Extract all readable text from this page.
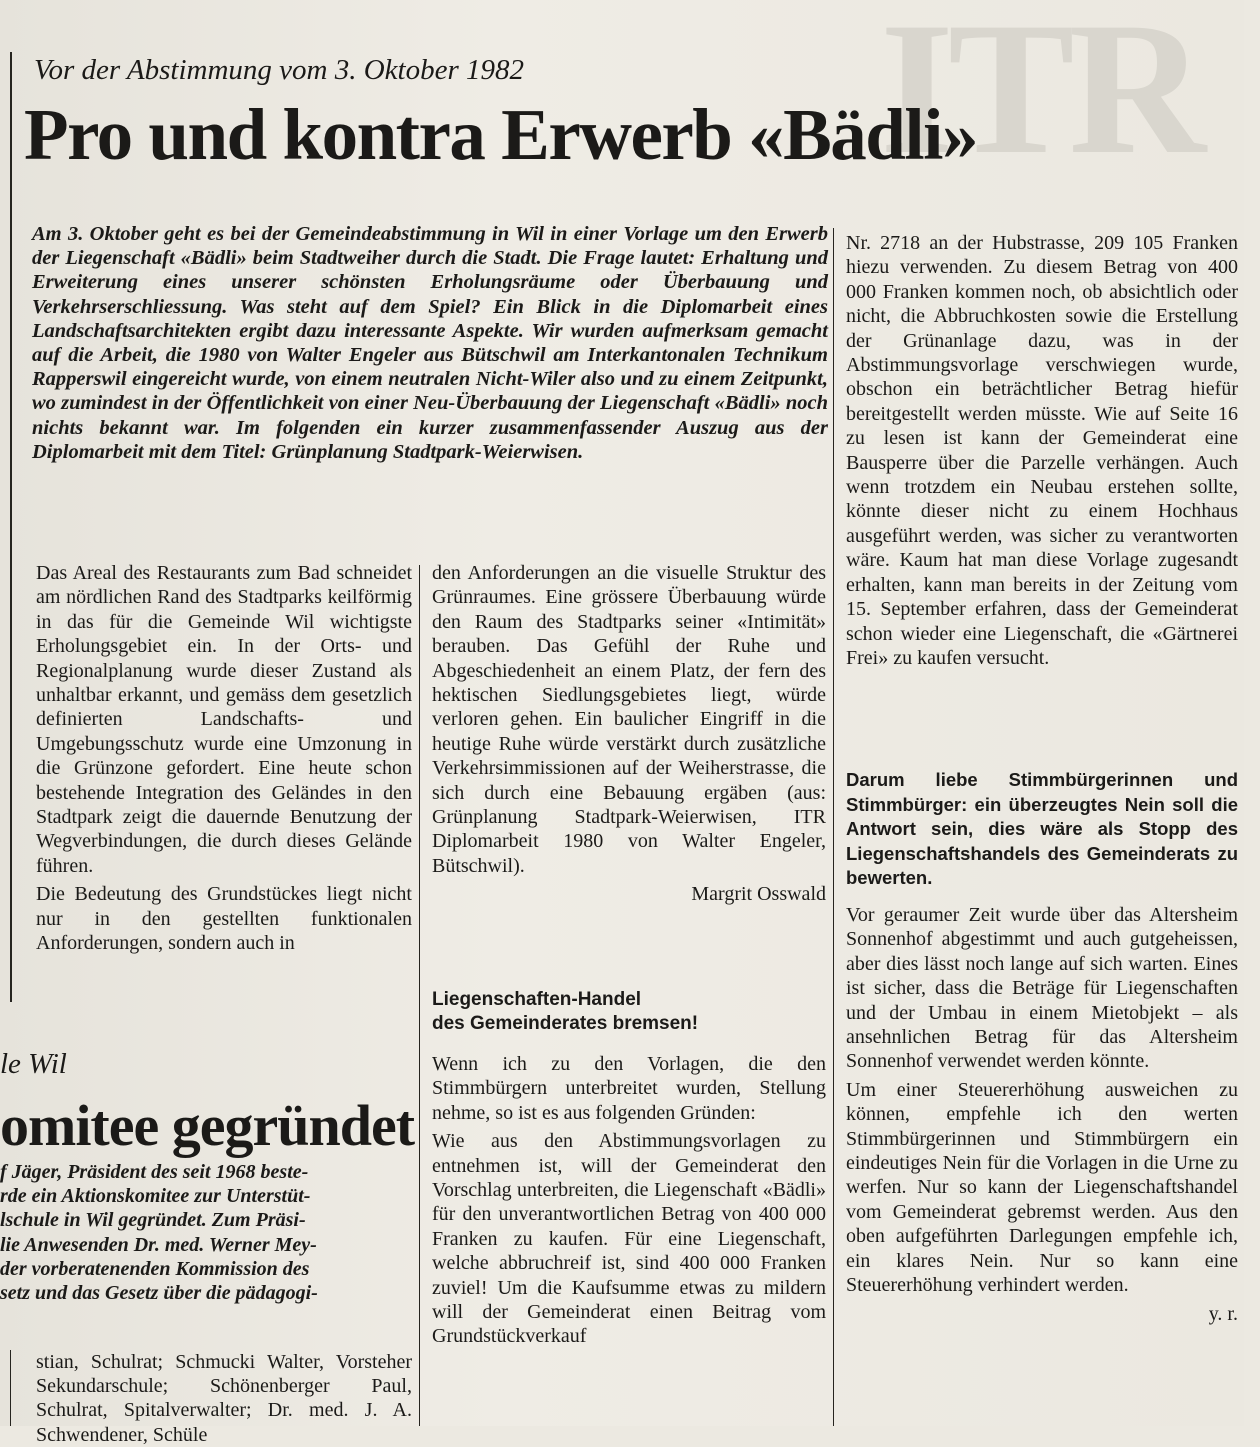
ITR
Vor der Abstimmung vom 3. Oktober 1982
Pro und kontra Erwerb «Bädli»
Am 3. Oktober geht es bei der Gemeindeabstimmung in Wil in einer Vorlage um den Erwerb der Liegenschaft «Bädli» beim Stadtweiher durch die Stadt. Die Frage lautet: Erhaltung und Erweiterung eines unserer schönsten Erholungsräume oder Überbauung und Verkehrserschliessung. Was steht auf dem Spiel? Ein Blick in die Diplomarbeit eines Landschaftsarchitekten ergibt dazu interessante Aspekte. Wir wurden aufmerksam gemacht auf die Arbeit, die 1980 von Walter Engeler aus Bütschwil am Interkantonalen Technikum Rapperswil eingereicht wurde, von einem neutralen Nicht-Wiler also und zu einem Zeitpunkt, wo zumindest in der Öffentlichkeit von einer Neu-Überbauung der Liegenschaft «Bädli» noch nichts bekannt war. Im folgenden ein kurzer zusammenfassender Auszug aus der Diplomarbeit mit dem Titel: Grünplanung Stadtpark-Weierwisen.

Das Areal des Restaurants zum Bad schneidet am nördlichen Rand des Stadtparks keilförmig in das für die Gemeinde Wil wichtigste Erholungsgebiet ein. In der Orts- und Regionalplanung wurde dieser Zustand als unhaltbar erkannt, und gemäss dem gesetzlich definierten Landschafts- und Umgebungsschutz wurde eine Umzonung in die Grünzone gefordert. Eine heute schon bestehende Integration des Geländes in den Stadtpark zeigt die dauernde Benutzung der Wegverbindungen, die durch dieses Gelände führen.

Die Bedeutung des Grundstückes liegt nicht nur in den gestellten funktionalen Anforderungen, sondern auch in

den Anforderungen an die visuelle Struktur des Grünraumes. Eine grössere Überbauung würde den Raum des Stadtparks seiner «Intimität» berauben. Das Gefühl der Ruhe und Abgeschiedenheit an einem Platz, der fern des hektischen Siedlungsgebietes liegt, würde verloren gehen. Ein baulicher Eingriff in die heutige Ruhe würde verstärkt durch zusätzliche Verkehrsimmissionen auf der Weiherstrasse, die sich durch eine Bebauung ergäben (aus: Grünplanung Stadtpark-Weierwisen, ITR Diplomarbeit 1980 von Walter Engeler, Bütschwil).

Margrit Osswald

Liegenschaften-Handel
des Gemeinderates bremsen!

Wenn ich zu den Vorlagen, die den Stimmbürgern unterbreitet wurden, Stellung nehme, so ist es aus folgenden Gründen:

Wie aus den Abstimmungsvorlagen zu entnehmen ist, will der Gemeinderat den Vorschlag unterbreiten, die Liegenschaft «Bädli» für den unverantwortlichen Betrag von 400 000 Franken zu kaufen. Für eine Liegenschaft, welche abbruchreif ist, sind 400 000 Franken zuviel! Um die Kaufsumme etwas zu mildern will der Gemeinderat einen Beitrag vom Grundstückverkauf

Nr. 2718 an der Hubstrasse, 209 105 Franken hiezu verwenden. Zu diesem Betrag von 400 000 Franken kommen noch, ob absichtlich oder nicht, die Abbruchkosten sowie die Erstellung der Grünanlage dazu, was in der Abstimmungsvorlage verschwiegen wurde, obschon ein beträchtlicher Betrag hiefür bereitgestellt werden müsste. Wie auf Seite 16 zu lesen ist kann der Gemeinderat eine Bausperre über die Parzelle verhängen. Auch wenn trotzdem ein Neubau erstehen sollte, könnte dieser nicht zu einem Hochhaus ausgeführt werden, was sicher zu verantworten wäre. Kaum hat man diese Vorlage zugesandt erhalten, kann man bereits in der Zeitung vom 15. September erfahren, dass der Gemeinderat schon wieder eine Liegenschaft, die «Gärtnerei Frei» zu kaufen versucht.

Darum liebe Stimmbürgerinnen und Stimmbürger: ein überzeugtes Nein soll die Antwort sein, dies wäre als Stopp des Liegenschaftshandels des Gemeinderats zu bewerten.

Vor geraumer Zeit wurde über das Altersheim Sonnenhof abgestimmt und auch gutgeheissen, aber dies lässt noch lange auf sich warten. Eines ist sicher, dass die Beträge für Liegenschaften und der Umbau in einem Mietobjekt – als ansehnlichen Betrag für das Altersheim Sonnenhof verwendet werden könnte.

Um einer Steuererhöhung ausweichen zu können, empfehle ich den werten Stimmbürgerinnen und Stimmbürgern ein eindeutiges Nein für die Vorlagen in die Urne zu werfen. Nur so kann der Liegenschaftshandel vom Gemeinderat gebremst werden. Aus den oben aufgeführten Darlegungen empfehle ich, ein klares Nein. Nur so kann eine Steuererhöhung verhindert werden.

y. r.

le Wil
omitee gegründet
f Jäger, Präsident des seit 1968 beste-
rde ein Aktionskomitee zur Unterstüt-
lschule in Wil gegründet. Zum Präsi-
lie Anwesenden Dr. med. Werner Mey-
der vorberatenenden Kommission des
setz und das Gesetz über die pädagogi-
stian, Schulrat; Schmucki Walter, Vorsteher Sekundarschule; Schönenberger Paul, Schulrat, Spitalverwalter; Dr. med. J. A. Schwendener, Schüle
